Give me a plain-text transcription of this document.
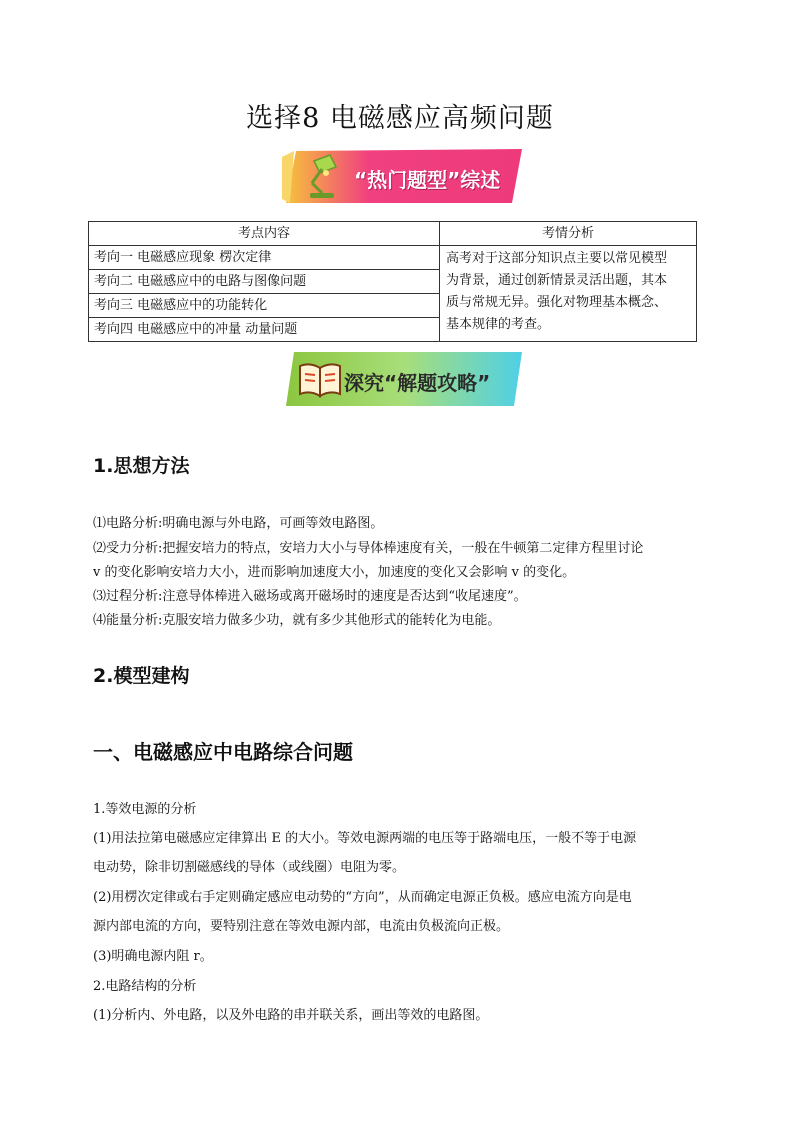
选择8 电磁感应高频问题
“热门题型”综述
考点内容	考情分析
考向一 电磁感应现象 楞次定律	高考对于这部分知识点主要以常见模型
为背景，通过创新情景灵活出题，其本
质与常规无异。强化对物理基本概念、
基本规律的考查。

考向二 电磁感应中的电路与图像问题	
考向三 电磁感应中的功能转化	
考向四 电磁感应中的冲量 动量问题	
深究“解题攻略”
1.思想方法
⑴电路分析:明确电源与外电路，可画等效电路图。
⑵受力分析:把握安培力的特点，安培力大小与导体棒速度有关，一般在牛顿第二定律方程里讨论
v 的变化影响安培力大小，进而影响加速度大小，加速度的变化又会影响 v 的变化。
⑶过程分析:注意导体棒进入磁场或离开磁场时的速度是否达到“收尾速度”。
⑷能量分析:克服安培力做多少功，就有多少其他形式的能转化为电能。
2.模型建构
一、电磁感应中电路综合问题
1.等效电源的分析
(1)用法拉第电磁感应定律算出 E 的大小。等效电源两端的电压等于路端电压，一般不等于电源
电动势，除非切割磁感线的导体（或线圈）电阻为零。
(2)用楞次定律或右手定则确定感应电动势的“方向”，从而确定电源正负极。感应电流方向是电
源内部电流的方向，要特别注意在等效电源内部，电流由负极流向正极。
(3)明确电源内阻 r。
2.电路结构的分析
(1)分析内、外电路，以及外电路的串并联关系，画出等效的电路图。
